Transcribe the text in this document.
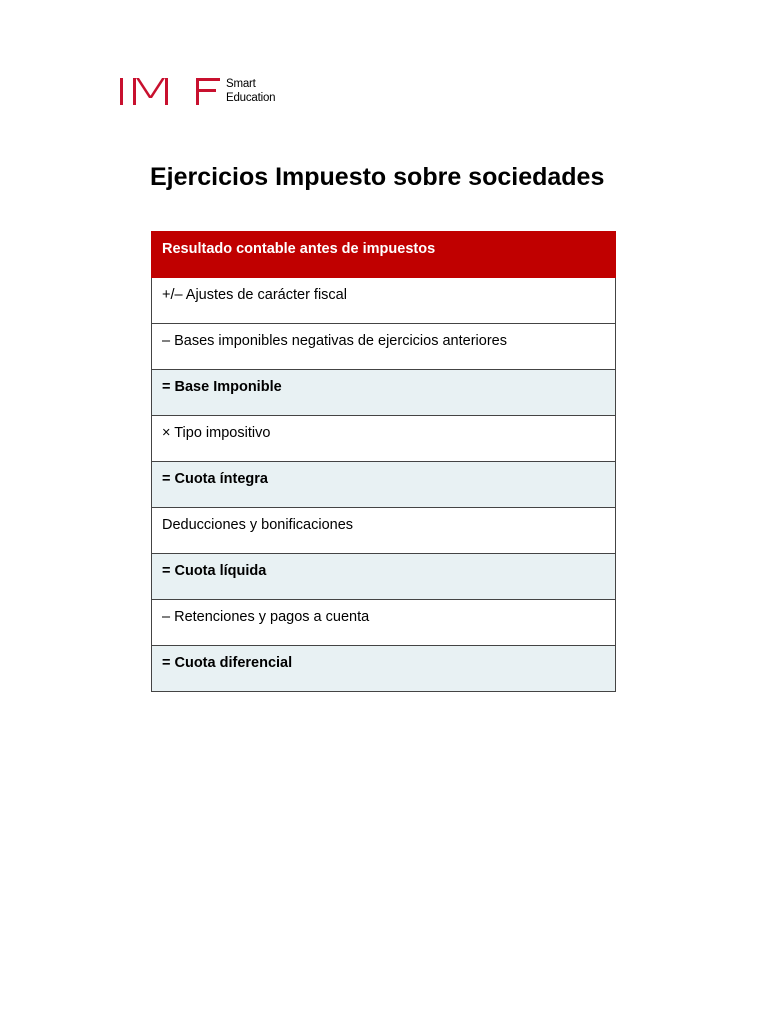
Smart
Education
Ejercicios Impuesto sobre sociedades
Resultado contable antes de impuestos
+/– Ajustes de carácter fiscal
– Bases imponibles negativas de ejercicios anteriores
= Base Imponible
× Tipo impositivo
= Cuota íntegra
Deducciones y bonificaciones
= Cuota líquida
– Retenciones y pagos a cuenta
= Cuota diferencial
